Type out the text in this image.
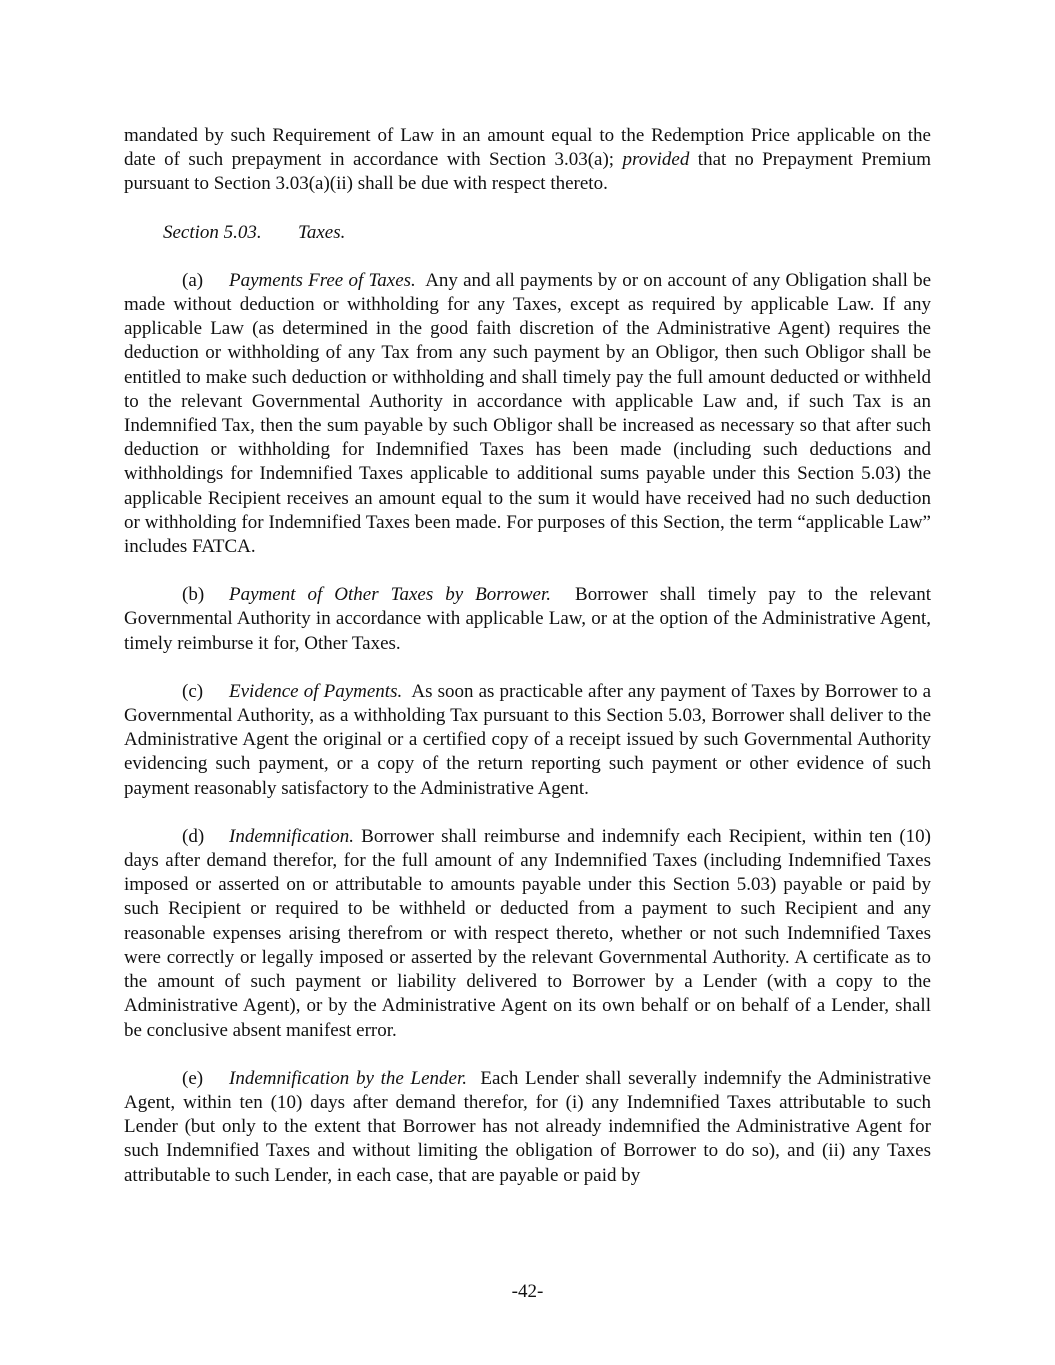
mandated by such Requirement of Law in an amount equal to the Redemption Price applicable on the date of such prepayment in accordance with Section 3.03(a); provided that no Prepayment Premium pursuant to Section 3.03(a)(ii) shall be due with respect thereto.

Section 5.03. Taxes.

(a) Payments Free of Taxes. Any and all payments by or on account of any Obligation shall be made without deduction or withholding for any Taxes, except as required by applicable Law. If any applicable Law (as determined in the good faith discretion of the Administrative Agent) requires the deduction or withholding of any Tax from any such payment by an Obligor, then such Obligor shall be entitled to make such deduction or withholding and shall timely pay the full amount deducted or withheld to the relevant Governmental Authority in accordance with applicable Law and, if such Tax is an Indemnified Tax, then the sum payable by such Obligor shall be increased as necessary so that after such deduction or withholding for Indemnified Taxes has been made (including such deductions and withholdings for Indemnified Taxes applicable to additional sums payable under this Section 5.03) the applicable Recipient receives an amount equal to the sum it would have received had no such deduction or withholding for Indemnified Taxes been made. For purposes of this Section, the term “applicable Law” includes FATCA.

(b) Payment of Other Taxes by Borrower. Borrower shall timely pay to the relevant Governmental Authority in accordance with applicable Law, or at the option of the Administrative Agent, timely reimburse it for, Other Taxes.

(c) Evidence of Payments. As soon as practicable after any payment of Taxes by Borrower to a Governmental Authority, as a withholding Tax pursuant to this Section 5.03, Borrower shall deliver to the Administrative Agent the original or a certified copy of a receipt issued by such Governmental Authority evidencing such payment, or a copy of the return reporting such payment or other evidence of such payment reasonably satisfactory to the Administrative Agent.

(d) Indemnification. Borrower shall reimburse and indemnify each Recipient, within ten (10) days after demand therefor, for the full amount of any Indemnified Taxes (including Indemnified Taxes imposed or asserted on or attributable to amounts payable under this Section 5.03) payable or paid by such Recipient or required to be withheld or deducted from a payment to such Recipient and any reasonable expenses arising therefrom or with respect thereto, whether or not such Indemnified Taxes were correctly or legally imposed or asserted by the relevant Governmental Authority. A certificate as to the amount of such payment or liability delivered to Borrower by a Lender (with a copy to the Administrative Agent), or by the Administrative Agent on its own behalf or on behalf of a Lender, shall be conclusive absent manifest error.

(e) Indemnification by the Lender. Each Lender shall severally indemnify the Administrative Agent, within ten (10) days after demand therefor, for (i) any Indemnified Taxes attributable to such Lender (but only to the extent that Borrower has not already indemnified the Administrative Agent for such Indemnified Taxes and without limiting the obligation of Borrower to do so), and (ii) any Taxes attributable to such Lender, in each case, that are payable or paid by

-42-
